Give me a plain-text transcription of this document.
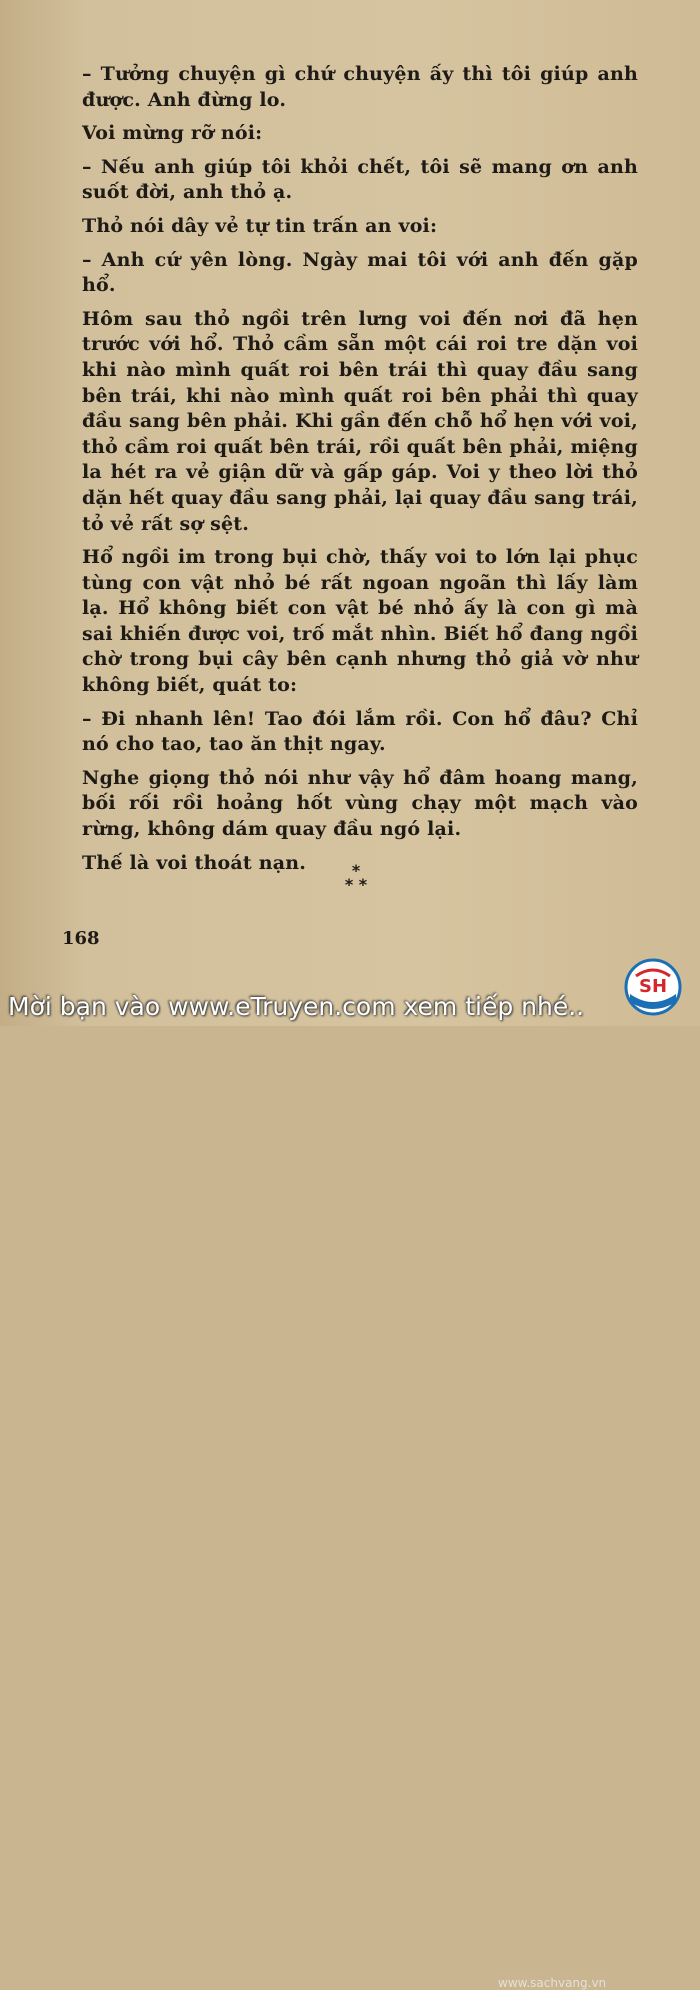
– Tưởng chuyện gì chứ chuyện ấy thì tôi giúp anh được. Anh đừng lo.

Voi mừng rỡ nói:

– Nếu anh giúp tôi khỏi chết, tôi sẽ mang ơn anh suốt đời, anh thỏ ạ.

Thỏ nói dây vẻ tự tin trấn an voi:

– Anh cứ yên lòng. Ngày mai tôi với anh đến gặp hổ.

Hôm sau thỏ ngồi trên lưng voi đến nơi đã hẹn trước với hổ. Thỏ cầm sẵn một cái roi tre dặn voi khi nào mình quất roi bên trái thì quay đầu sang bên trái, khi nào mình quất roi bên phải thì quay đầu sang bên phải. Khi gần đến chỗ hổ hẹn với voi, thỏ cầm roi quất bên trái, rồi quất bên phải, miệng la hét ra vẻ giận dữ và gấp gáp. Voi y theo lời thỏ dặn hết quay đầu sang phải, lại quay đầu sang trái, tỏ vẻ rất sợ sệt.

Hổ ngồi im trong bụi chờ, thấy voi to lớn lại phục tùng con vật nhỏ bé rất ngoan ngoãn thì lấy làm lạ. Hổ không biết con vật bé nhỏ ấy là con gì mà sai khiến được voi, trố mắt nhìn. Biết hổ đang ngồi chờ trong bụi cây bên cạnh nhưng thỏ giả vờ như không biết, quát to:

– Đi nhanh lên! Tao đói lắm rồi. Con hổ đâu? Chỉ nó cho tao, tao ăn thịt ngay.

Nghe giọng thỏ nói như vậy hổ đâm hoang mang, bối rối rồi hoảng hốt vùng chạy một mạch vào rừng, không dám quay đầu ngó lại.

Thế là voi thoát nạn.	*
* *
168
Mời bạn vào www.eTruyen.com xem tiếp nhé..
www.sachvang.vn
SH
